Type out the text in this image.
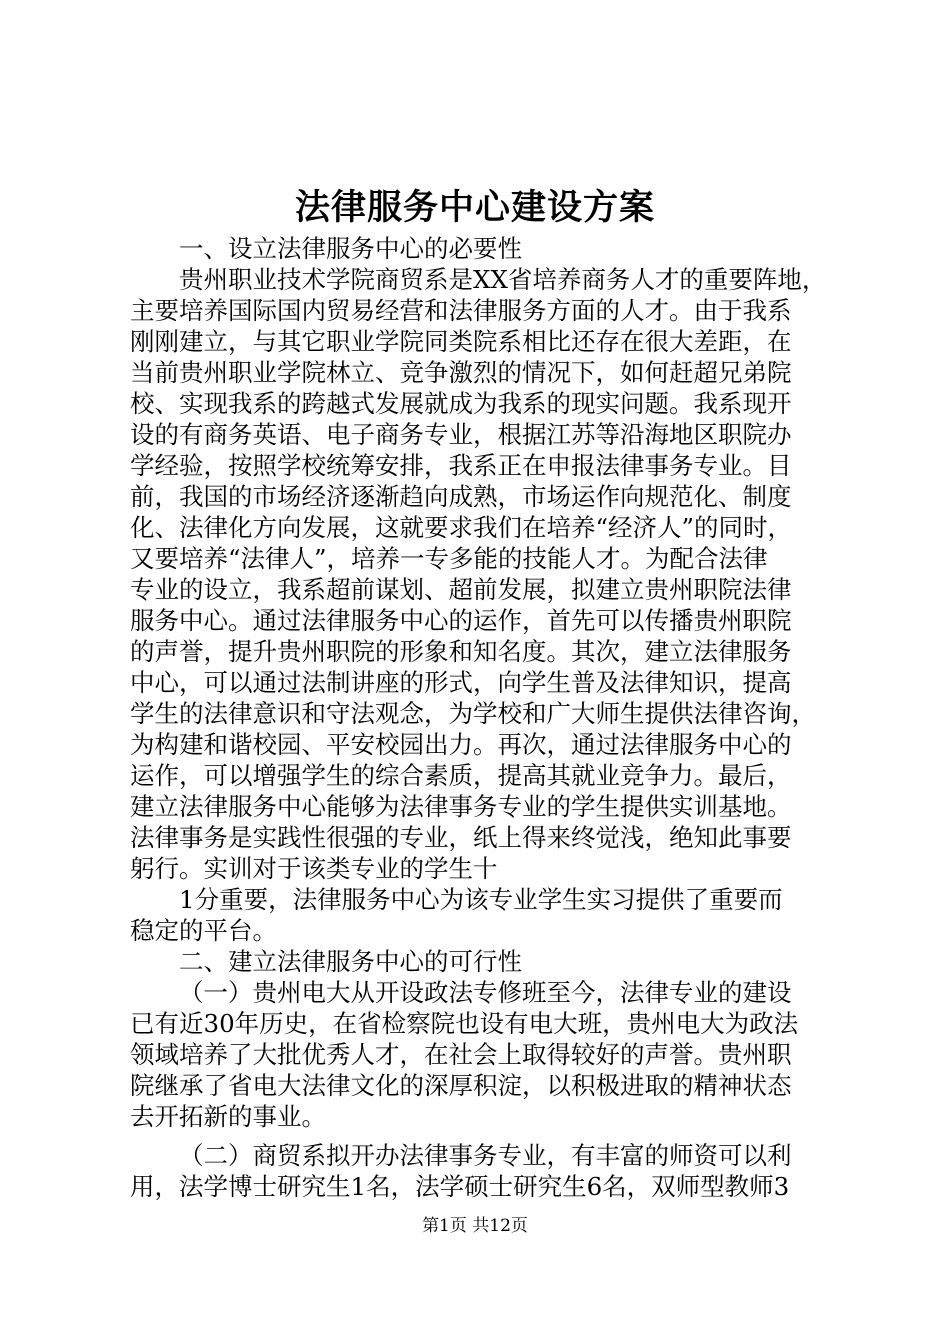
法律服务中心建设方案
一、设立法律服务中心的必要性
贵州职业技术学院商贸系是XX省培养商务人才的重要阵地，
主要培养国际国内贸易经营和法律服务方面的人才。由于我系
刚刚建立，与其它职业学院同类院系相比还存在很大差距，在
当前贵州职业学院林立、竞争激烈的情况下，如何赶超兄弟院
校、实现我系的跨越式发展就成为我系的现实问题。我系现开
设的有商务英语、电子商务专业，根据江苏等沿海地区职院办
学经验，按照学校统筹安排，我系正在申报法律事务专业。目
前，我国的市场经济逐渐趋向成熟，市场运作向规范化、制度
化、法律化方向发展，这就要求我们在培养“经济人”的同时，
又要培养“法律人”，培养一专多能的技能人才。为配合法律
专业的设立，我系超前谋划、超前发展，拟建立贵州职院法律
服务中心。通过法律服务中心的运作，首先可以传播贵州职院
的声誉，提升贵州职院的形象和知名度。其次，建立法律服务
中心，可以通过法制讲座的形式，向学生普及法律知识，提高
学生的法律意识和守法观念，为学校和广大师生提供法律咨询，
为构建和谐校园、平安校园出力。再次，通过法律服务中心的
运作，可以增强学生的综合素质，提高其就业竞争力。最后，
建立法律服务中心能够为法律事务专业的学生提供实训基地。
法律事务是实践性很强的专业，纸上得来终觉浅，绝知此事要
躬行。实训对于该类专业的学生十
1分重要，法律服务中心为该专业学生实习提供了重要而
稳定的平台。
二、建立法律服务中心的可行性
（一）贵州电大从开设政法专修班至今，法律专业的建设
已有近30年历史，在省检察院也设有电大班，贵州电大为政法
领域培养了大批优秀人才，在社会上取得较好的声誉。贵州职
院继承了省电大法律文化的深厚积淀，以积极进取的精神状态
去开拓新的事业。
（二）商贸系拟开办法律事务专业，有丰富的师资可以利
用，法学博士研究生1名，法学硕士研究生6名，双师型教师3
第1页 共12页
